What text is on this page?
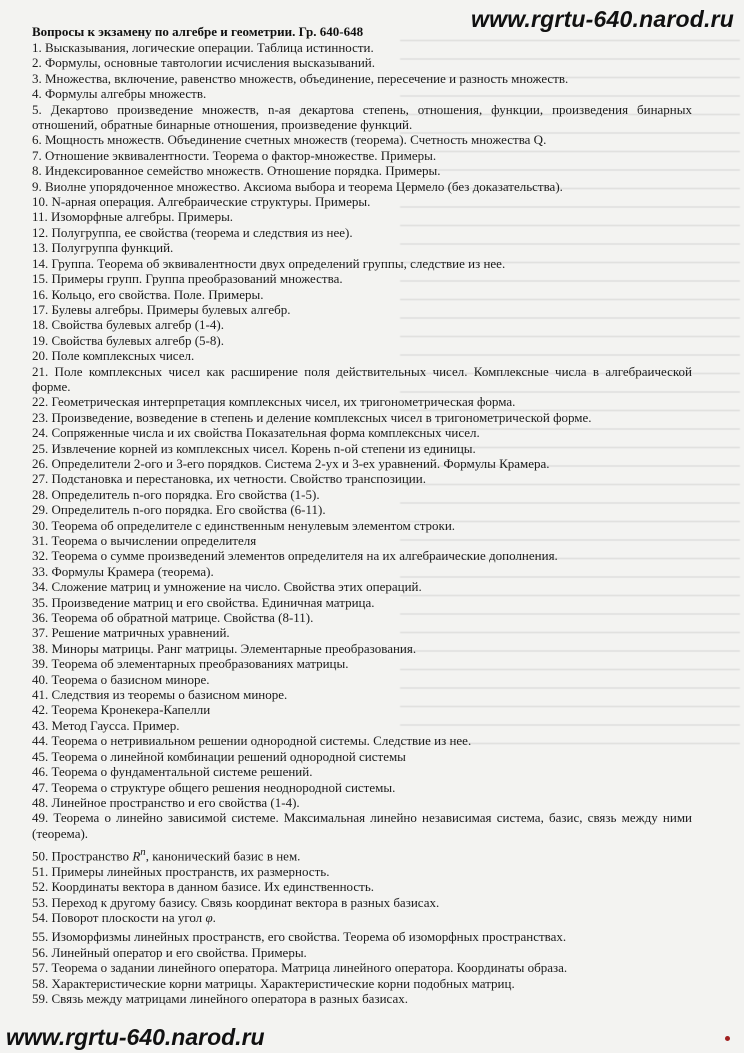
www.rgrtu-640.narod.ru
Вопросы к экзамену по алгебре и геометрии. Гр. 640-648
1. Высказывания, логические операции. Таблица истинности.
2. Формулы, основные тавтологии исчисления высказываний.
3. Множества, включение, равенство множеств, объединение, пересечение и разность множеств.
4. Формулы алгебры множеств.
5. Декартово произведение множеств, n-ая декартова степень, отношения, функции, произведения бинарных отношений, обратные бинарные отношения, произведение функций.
6. Мощность множеств. Объединение счетных множеств (теорема). Счетность множества Q.
7. Отношение эквивалентности. Теорема о фактор-множестве. Примеры.
8. Индексированное семейство множеств. Отношение порядка. Примеры.
9. Виолне упорядоченное множество. Аксиома выбора и теорема Цермело (без доказательства).
10. N-арная операция. Алгебраические структуры. Примеры.
11. Изоморфные алгебры. Примеры.
12. Полугруппа, ее свойства (теорема и следствия из нее).
13. Полугруппа функций.
14. Группа. Теорема об эквивалентности двух определений группы, следствие из нее.
15. Примеры групп. Группа преобразований множества.
16. Кольцо, его свойства. Поле. Примеры.
17. Булевы алгебры. Примеры булевых алгебр.
18. Свойства булевых алгебр (1-4).
19. Свойства булевых алгебр (5-8).
20. Поле комплексных чисел.
21. Поле комплексных чисел как расширение поля действительных чисел. Комплексные числа в алгебраической форме.
22. Геометрическая интерпретация комплексных чисел, их тригонометрическая форма.
23. Произведение, возведение в степень и деление комплексных чисел в тригонометрической форме.
24. Сопряженные числа и их свойства Показательная форма комплексных чисел.
25. Извлечение корней из комплексных чисел. Корень n-ой степени из единицы.
26. Определители 2-ого и 3-его порядков. Система 2-ух и 3-ех уравнений. Формулы Крамера.
27. Подстановка и перестановка, их четности. Свойство транспозиции.
28. Определитель n-ого порядка. Его свойства (1-5).
29. Определитель n-ого порядка. Его свойства (6-11).
30. Теорема об определителе с единственным ненулевым элементом строки.
31. Теорема о вычислении определителя
32. Теорема о сумме произведений элементов определителя на их алгебраические дополнения.
33. Формулы Крамера (теорема).
34. Сложение матриц и умножение на число. Свойства этих операций.
35. Произведение матриц и его свойства. Единичная матрица.
36. Теорема об обратной матрице. Свойства (8-11).
37. Решение матричных уравнений.
38. Миноры матрицы. Ранг матрицы. Элементарные преобразования.
39. Теорема об элементарных преобразованиях матрицы.
40. Теорема о базисном миноре.
41. Следствия из теоремы о базисном миноре.
42. Теорема Кронекера-Капелли
43. Метод Гаусса. Пример.
44. Теорема о нетривиальном решении однородной системы. Следствие из нее.
45. Теорема о линейной комбинации решений однородной системы
46. Теорема о фундаментальной системе решений.
47. Теорема о структуре общего решения неоднородной системы.
48. Линейное пространство и его свойства (1-4).
49. Теорема о линейно зависимой системе. Максимальная линейно независимая система, базис, связь между ними (теорема).
50. Пространство $R^n$, канонический базис в нем.
51. Примеры линейных пространств, их размерность.
52. Координаты вектора в данном базисе. Их единственность.
53. Переход к другому базису. Связь координат вектора в разных базисах.
54. Поворот плоскости на угол φ.
55. Изоморфизмы линейных пространств, его свойства. Теорема об изоморфных пространствах.
56. Линейный оператор и его свойства. Примеры.
57. Теорема о задании линейного оператора. Матрица линейного оператора. Координаты образа.
58. Характеристические корни матрицы. Характеристические корни подобных матриц.
59. Связь между матрицами линейного оператора в разных базисах.
www.rgrtu-640.narod.ru
